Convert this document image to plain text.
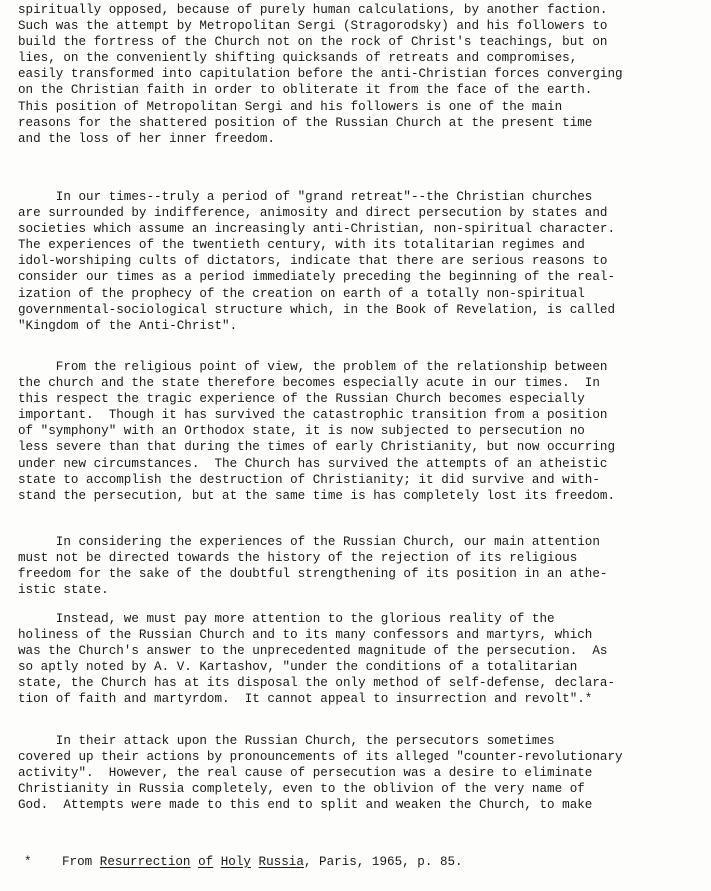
spiritually opposed, because of purely human calculations, by another faction.
Such was the attempt by Metropolitan Sergi (Stragorodsky) and his followers to
build the fortress of the Church not on the rock of Christ's teachings, but on
lies, on the conveniently shifting quicksands of retreats and compromises,
easily transformed into capitulation before the anti-Christian forces converging
on the Christian faith in order to obliterate it from the face of the earth.
This position of Metropolitan Sergi and his followers is one of the main
reasons for the shattered position of the Russian Church at the present time
and the loss of her inner freedom.
In our times--truly a period of "grand retreat"--the Christian churches
are surrounded by indifference, animosity and direct persecution by states and
societies which assume an increasingly anti-Christian, non-spiritual character.
The experiences of the twentieth century, with its totalitarian regimes and
idol-worshiping cults of dictators, indicate that there are serious reasons to
consider our times as a period immediately preceding the beginning of the real-
ization of the prophecy of the creation on earth of a totally non-spiritual
governmental-sociological structure which, in the Book of Revelation, is called
"Kingdom of the Anti-Christ".
From the religious point of view, the problem of the relationship between
the church and the state therefore becomes especially acute in our times.  In
this respect the tragic experience of the Russian Church becomes especially
important.  Though it has survived the catastrophic transition from a position
of "symphony" with an Orthodox state, it is now subjected to persecution no
less severe than that during the times of early Christianity, but now occurring
under new circumstances.  The Church has survived the attempts of an atheistic
state to accomplish the destruction of Christianity; it did survive and with-
stand the persecution, but at the same time is has completely lost its freedom.
In considering the experiences of the Russian Church, our main attention
must not be directed towards the history of the rejection of its religious
freedom for the sake of the doubtful strengthening of its position in an athe-
istic state.
Instead, we must pay more attention to the glorious reality of the
holiness of the Russian Church and to its many confessors and martyrs, which
was the Church's answer to the unprecedented magnitude of the persecution.  As
so aptly noted by A. V. Kartashov, "under the conditions of a totalitarian
state, the Church has at its disposal the only method of self-defense, declara-
tion of faith and martyrdom.  It cannot appeal to insurrection and revolt".*
In their attack upon the Russian Church, the persecutors sometimes
covered up their actions by pronouncements of its alleged "counter-revolutionary
activity".  However, the real cause of persecution was a desire to eliminate
Christianity in Russia completely, even to the oblivion of the very name of
God.  Attempts were made to this end to split and weaken the Church, to make
* From Resurrection of Holy Russia, Paris, 1965, p. 85.
